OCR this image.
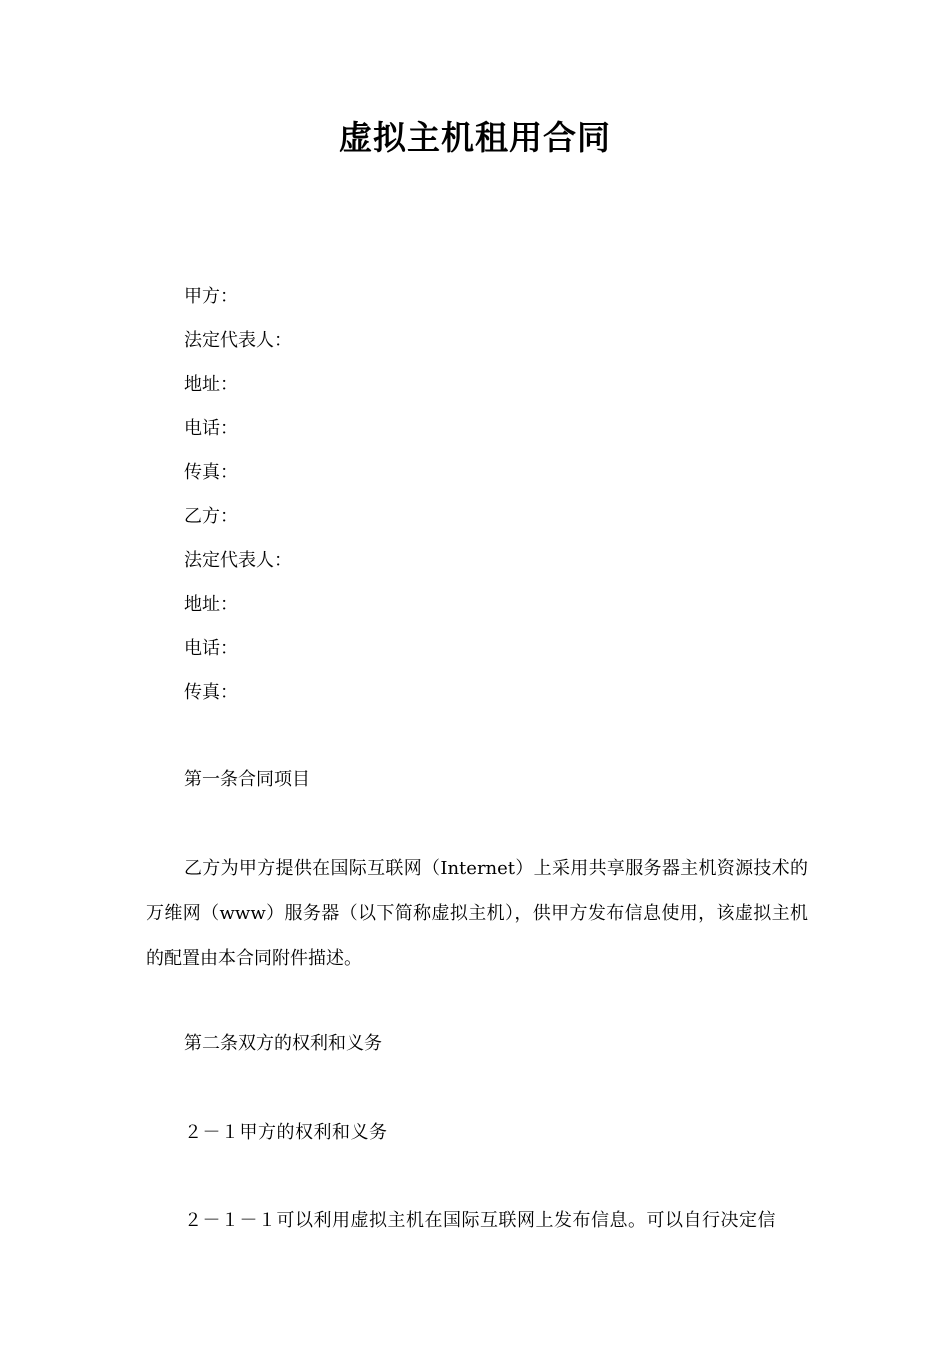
虚拟主机租用合同
甲方：
法定代表人：
地址：
电话：
传真：
乙方：
法定代表人：
地址：
电话：
传真：
第一条合同项目
乙方为甲方提供在国际互联网（Internet）上采用共享服务器主机资源技术的万维网（www）服务器（以下简称虚拟主机），供甲方发布信息使用，该虚拟主机的配置由本合同附件描述。
第二条双方的权利和义务
２－１甲方的权利和义务
２－１－１可以利用虚拟主机在国际互联网上发布信息。可以自行决定信
